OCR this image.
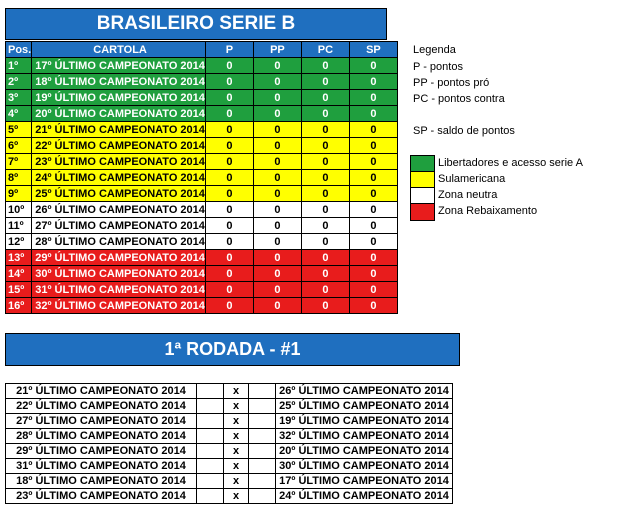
BRASILEIRO SERIE B
Pos.	CARTOLA	P	PP	PC	SP
1º	17º ÚLTIMO CAMPEONATO 2014	0	0	0	0
2º	18º ÚLTIMO CAMPEONATO 2014	0	0	0	0
3º	19º ÚLTIMO CAMPEONATO 2014	0	0	0	0
4º	20º ÚLTIMO CAMPEONATO 2014	0	0	0	0
5º	21º ÚLTIMO CAMPEONATO 2014	0	0	0	0
6º	22º ÚLTIMO CAMPEONATO 2014	0	0	0	0
7º	23º ÚLTIMO CAMPEONATO 2014	0	0	0	0
8º	24º ÚLTIMO CAMPEONATO 2014	0	0	0	0
9º	25º ÚLTIMO CAMPEONATO 2014	0	0	0	0
10º	26º ÚLTIMO CAMPEONATO 2014	0	0	0	0
11º	27º ÚLTIMO CAMPEONATO 2014	0	0	0	0
12º	28º ÚLTIMO CAMPEONATO 2014	0	0	0	0
13º	29º ÚLTIMO CAMPEONATO 2014	0	0	0	0
14º	30º ÚLTIMO CAMPEONATO 2014	0	0	0	0
15º	31º ÚLTIMO CAMPEONATO 2014	0	0	0	0
16º	32º ÚLTIMO CAMPEONATO 2014	0	0	0	0
Legenda
P - pontos
PP - pontos pró
PC - pontos contra
SP - saldo de pontos
Libertadores e acesso serie A
Sulamericana
Zona neutra
Zona Rebaixamento
1ª RODADA - #1
21º ÚLTIMO CAMPEONATO 2014		x		26º ÚLTIMO CAMPEONATO 2014
22º ÚLTIMO CAMPEONATO 2014		x		25º ÚLTIMO CAMPEONATO 2014
27º ÚLTIMO CAMPEONATO 2014		x		19º ÚLTIMO CAMPEONATO 2014
28º ÚLTIMO CAMPEONATO 2014		x		32º ÚLTIMO CAMPEONATO 2014
29º ÚLTIMO CAMPEONATO 2014		x		20º ÚLTIMO CAMPEONATO 2014
31º ÚLTIMO CAMPEONATO 2014		x		30º ÚLTIMO CAMPEONATO 2014
18º ÚLTIMO CAMPEONATO 2014		x		17º ÚLTIMO CAMPEONATO 2014
23º ÚLTIMO CAMPEONATO 2014		x		24º ÚLTIMO CAMPEONATO 2014
